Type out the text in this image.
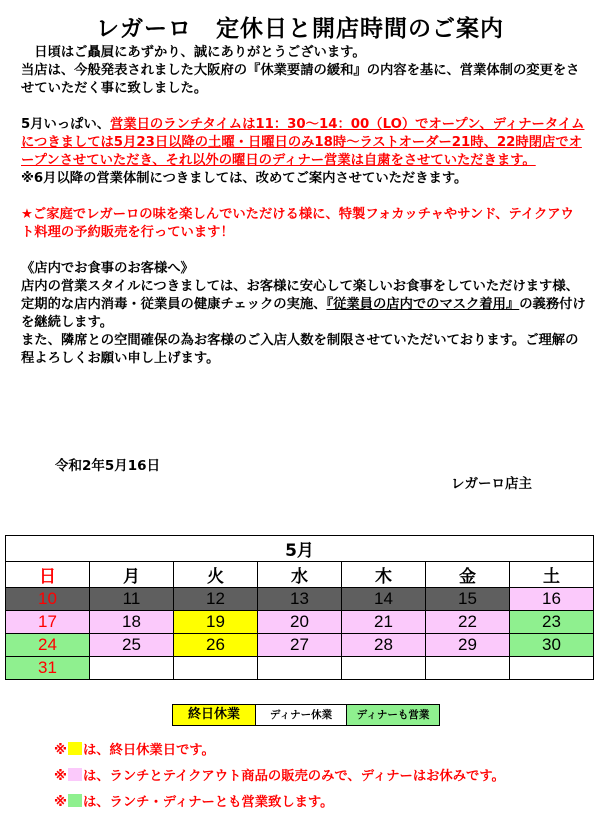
レガーロ　定休日と開店時間のご案内

　日頃はご贔屓にあずかり、誠にありがとうございます。

当店は、今般発表されました大阪府の『休業要請の緩和』の内容を基に、営業体制の変更をさせていただく事に致しました。

5月いっぱい、営業日のランチタイムは11：30～14：00（LO）でオープン、ディナータイムにつきましては5月23日以降の土曜・日曜日のみ18時～ラストオーダー21時、22時閉店でオープンさせていただき、それ以外の曜日のディナー営業は自粛をさせていただきます。

※6月以降の営業体制につきましては、改めてご案内させていただきます。

★ご家庭でレガーロの味を楽しんでいただける様に、特製フォカッチャやサンド、テイクアウト料理の予約販売を行っています！

《店内でお食事のお客様へ》

店内の営業スタイルにつきましては、お客様に安心して楽しいお食事をしていただけます様、定期的な店内消毒・従業員の健康チェックの実施、『従業員の店内でのマスク着用』の義務付けを継続します。

また、隣席との空間確保の為お客様のご入店人数を制限させていただいております。ご理解の程よろしくお願い申し上げます。

令和2年5月16日
レガーロ店主
5月						
日	月	火	水	木	金	土
10	11	12	13	14	15	16
17	18	19	20	21	22	23
24	25	26	27	28	29	30
31						
終日休業	ディナー休業	ディナーも営業
※ は、終日休業日です。
※ は、ランチとテイクアウト商品の販売のみで、ディナーはお休みです。
※ は、ランチ・ディナーとも営業致します。
